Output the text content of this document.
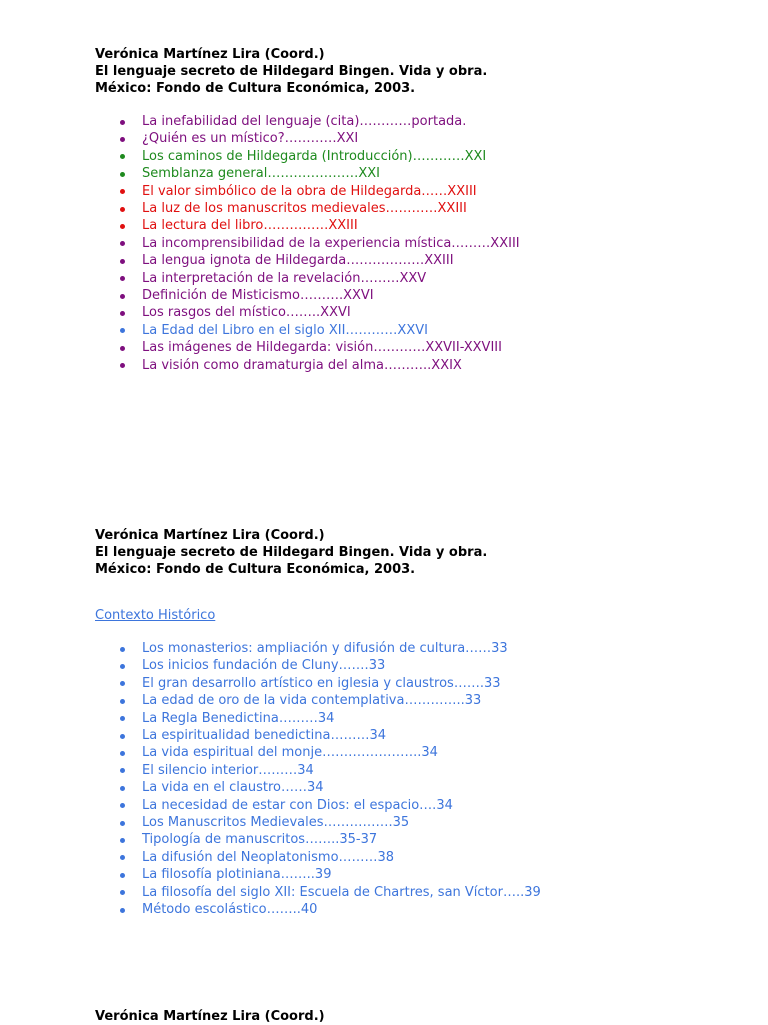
Verónica Martínez Lira (Coord.)
El lenguaje secreto de Hildegard Bingen. Vida y obra.
México: Fondo de Cultura Económica, 2003.
La inefabilidad del lenguaje (cita)…………portada.
¿Quién es un místico?…………XXI
Los caminos de Hildegarda (Introducción)…………XXI
Semblanza general…………………XXI
El valor simbólico de la obra de Hildegarda……XXIII
La luz de los manuscritos medievales…………XXIII
La lectura del libro……………XXIII
La incomprensibilidad de la experiencia mística………XXIII
La lengua ignota de Hildegarda………………XXIII
La interpretación de la revelación………XXV
Definición de Misticismo……….XXVI
Los rasgos del místico……..XXVI
La Edad del Libro en el siglo XII…………XXVI
Las imágenes de Hildegarda: visión…………XXVII-XXVIII
La visión como dramaturgia del alma………..XXIX
Verónica Martínez Lira (Coord.)
El lenguaje secreto de Hildegard Bingen. Vida y obra.
México: Fondo de Cultura Económica, 2003.
Contexto Histórico
Los monasterios: ampliación y difusión de cultura……33
Los inicios fundación de Cluny…….33
El gran desarrollo artístico en iglesia y claustros…….33
La edad de oro de la vida contemplativa…………..33
La Regla Benedictina………34
La espiritualidad benedictina………34
La vida espiritual del monje…………………..34
El silencio interior………34
La vida en el claustro……34
La necesidad de estar con Dios: el espacio….34
Los Manuscritos Medievales…………….35
Tipología de manuscritos……..35-37
La difusión del Neoplatonismo………38
La filosofía plotiniana……..39
La filosofía del siglo XII: Escuela de Chartres, san Víctor…..39
Método escolástico……..40
Verónica Martínez Lira (Coord.)
